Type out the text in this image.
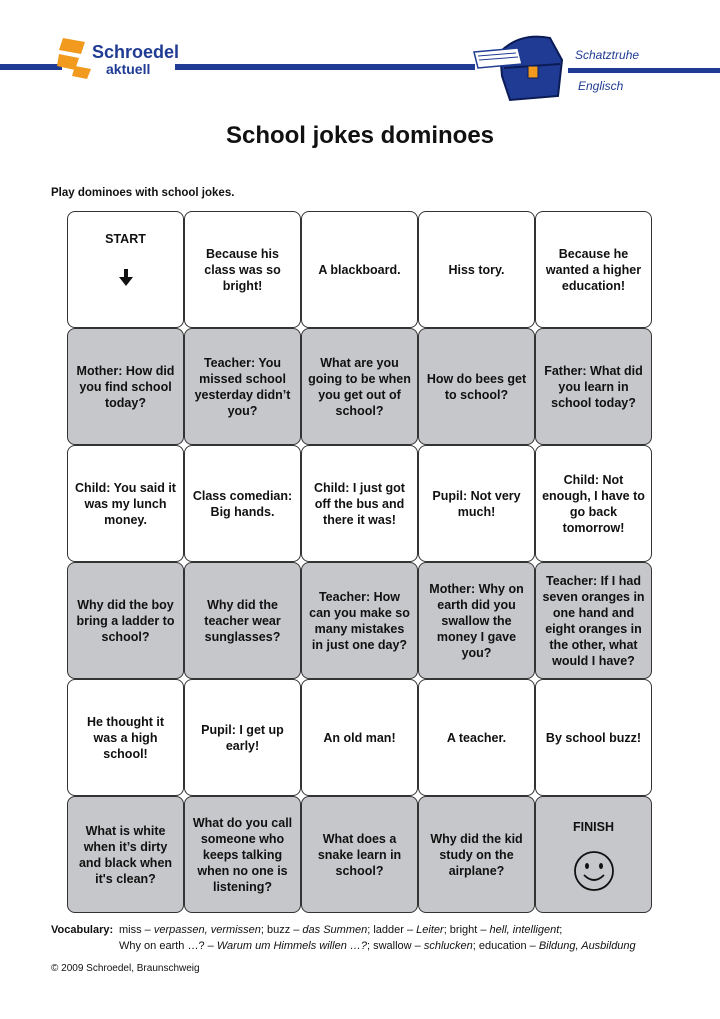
Schroedel
aktuell
Schatztruhe
Englisch
School jokes dominoes
Play dominoes with school jokes.
START
Because his class was so bright!
A blackboard.	Hiss tory.
Because he wanted a higher education!
Mother: How did you find school today?
Teacher: You missed school yesterday didn’t you?
What are you going to be when you get out of school?
How do bees get to school?
Father: What did you learn in school today?
Child: You said it was my lunch money.
Class comedian: Big hands.
Child: I just got off the bus and there it was!
Pupil: Not very much!
Child: Not enough, I have to go back tomorrow!
Why did the boy bring a ladder to school?
Why did the teacher wear sunglasses?
Teacher: How can you make so many mistakes in just one day?
Mother: Why on earth did you swallow the money I gave you?
Teacher: If I had seven oranges in one hand and eight oranges in the other, what would I have?
He thought it was a high school!
Pupil: I get up early!
An old man!	A teacher.	By school buzz!
What is white when it’s dirty and black when it's clean?
What do you call someone who keeps talking when no one is listening?
What does a snake learn in school?
Why did the kid study on the airplane?
FINISH
Vocabulary: miss – verpassen, vermissen; buzz – das Summen; ladder – Leiter; bright – hell, intelligent;
Why on earth …? – Warum um Himmels willen …?; swallow – schlucken; education – Bildung, Ausbildung
© 2009 Schroedel, Braunschweig
